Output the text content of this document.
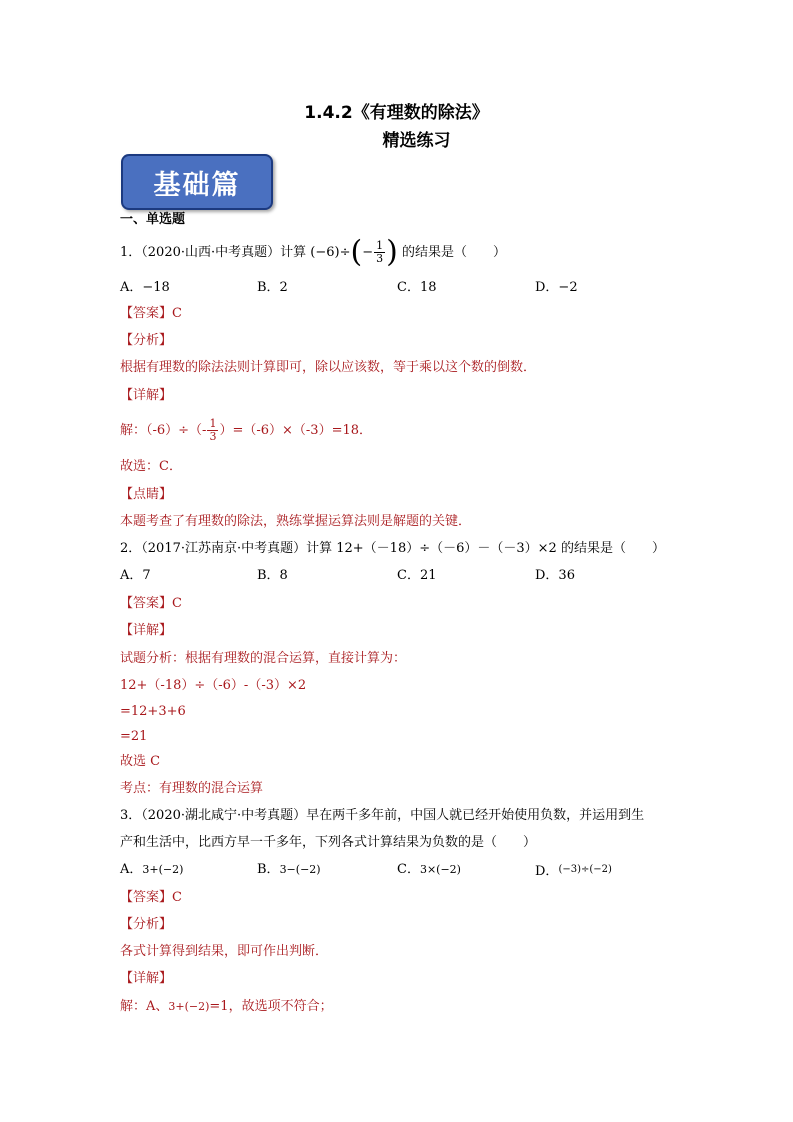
1.4.2《有理数的除法》
精选练习
基础篇
一、单选题
1．（2020·山西·中考真题）计算 $(-6)\div(- \frac{1}{3}$ ) 的结果是（　　）
A．−18	B．2	C．18	D．−2
【答案】C
【分析】
根据有理数的除法法则计算即可，除以应该数，等于乘以这个数的倒数．
【详解】
解：$(-6)\div(- \frac{1}{3} )=(-6)\times(-3)=18$．
故选：C．
【点睛】
本题考查了有理数的除法，熟练掌握运算法则是解题的关键．
2．（2017·江苏南京·中考真题）计算 12+（－18）÷（－6）－（－3）×2 的结果是（　　）
A．7	B．8	C．21	D．36
【答案】C
【详解】
试题分析：根据有理数的混合运算，直接计算为：
12+（-18）÷（-6）-（-3）×2
=12+3+6
=21
故选 C
考点：有理数的混合运算
3．（2020·湖北咸宁·中考真题）早在两千多年前，中国人就已经开始使用负数，并运用到生
产和生活中，比西方早一千多年，下列各式计算结果为负数的是（　　）
A．3+(−2)	B．3−(−2)	C．3×(−2)	D．$^{(-3)\div(-2)}$
【答案】C
【分析】
各式计算得到结果，即可作出判断．
【详解】
解：A、3+(−2)=1，故选项不符合；
